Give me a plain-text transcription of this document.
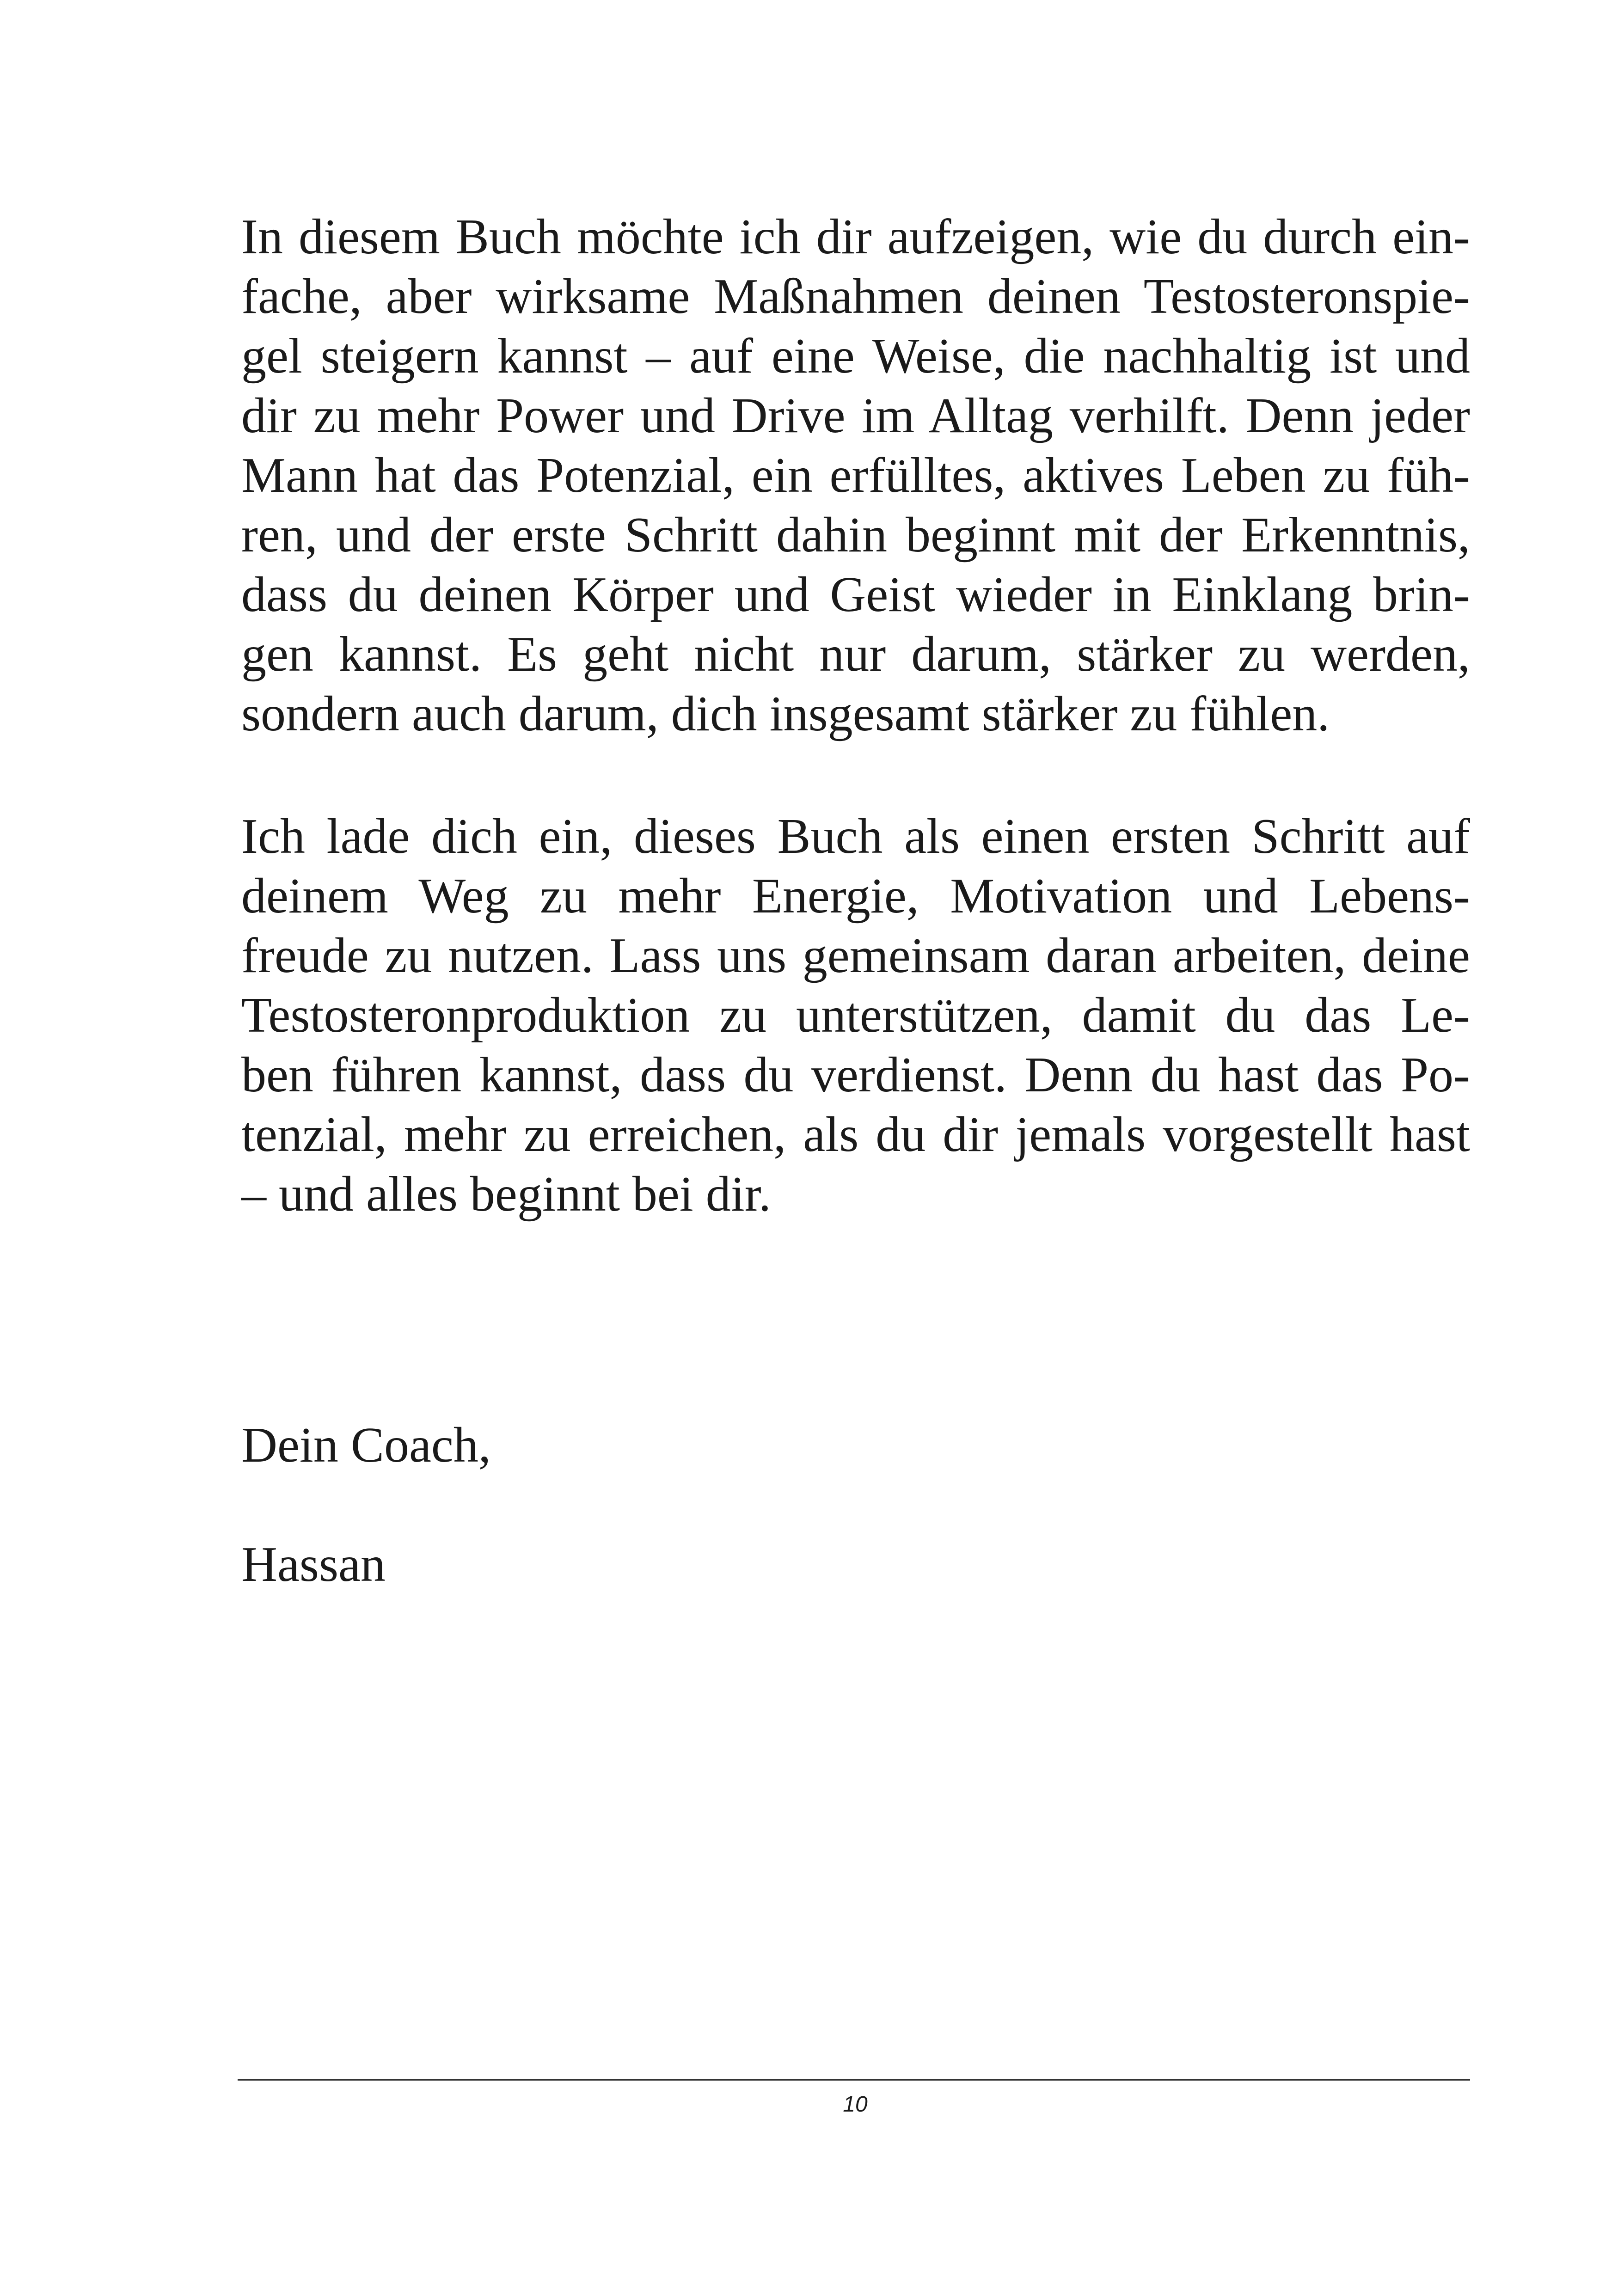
In diesem Buch möchte ich dir aufzeigen, wie du durch ein-
fache, aber wirksame Maßnahmen deinen Testosteronspie-
gel steigern kannst – auf eine Weise, die nachhaltig ist und
dir zu mehr Power und Drive im Alltag verhilft. Denn jeder
Mann hat das Potenzial, ein erfülltes, aktives Leben zu füh-
ren, und der erste Schritt dahin beginnt mit der Erkenntnis,
dass du deinen Körper und Geist wieder in Einklang brin-
gen kannst. Es geht nicht nur darum, stärker zu werden,
sondern auch darum, dich insgesamt stärker zu fühlen.
Ich lade dich ein, dieses Buch als einen ersten Schritt auf
deinem Weg zu mehr Energie, Motivation und Lebens-
freude zu nutzen. Lass uns gemeinsam daran arbeiten, deine
Testosteronproduktion zu unterstützen, damit du das Le-
ben führen kannst, dass du verdienst. Denn du hast das Po-
tenzial, mehr zu erreichen, als du dir jemals vorgestellt hast
– und alles beginnt bei dir.
Dein Coach,
Hassan
10
